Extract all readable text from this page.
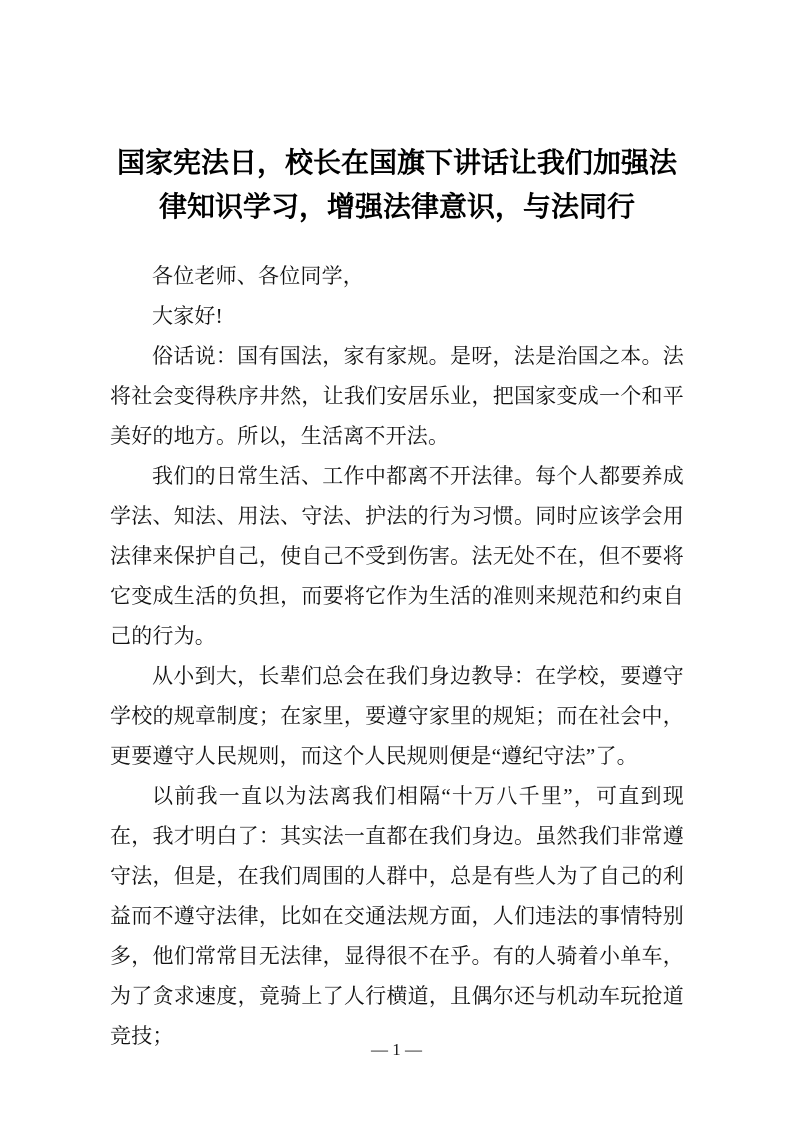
国家宪法日，校长在国旗下讲话让我们加强法律知识学习，增强法律意识，与法同行

各位老师、各位同学，

大家好!

俗话说：国有国法，家有家规。是呀，法是治国之本。法将社会变得秩序井然，让我们安居乐业，把国家变成一个和平美好的地方。所以，生活离不开法。

我们的日常生活、工作中都离不开法律。每个人都要养成学法、知法、用法、守法、护法的行为习惯。同时应该学会用法律来保护自己，使自己不受到伤害。法无处不在，但不要将它变成生活的负担，而要将它作为生活的准则来规范和约束自己的行为。

从小到大，长辈们总会在我们身边教导：在学校，要遵守学校的规章制度；在家里，要遵守家里的规矩；而在社会中，更要遵守人民规则，而这个人民规则便是“遵纪守法”了。

以前我一直以为法离我们相隔“十万八千里”，可直到现在，我才明白了：其实法一直都在我们身边。虽然我们非常遵守法，但是，在我们周围的人群中，总是有些人为了自己的利益而不遵守法律，比如在交通法规方面，人们违法的事情特别多，他们常常目无法律，显得很不在乎。有的人骑着小单车，为了贪求速度，竟骑上了人行横道，且偶尔还与机动车玩抢道竞技；

— 1 —
